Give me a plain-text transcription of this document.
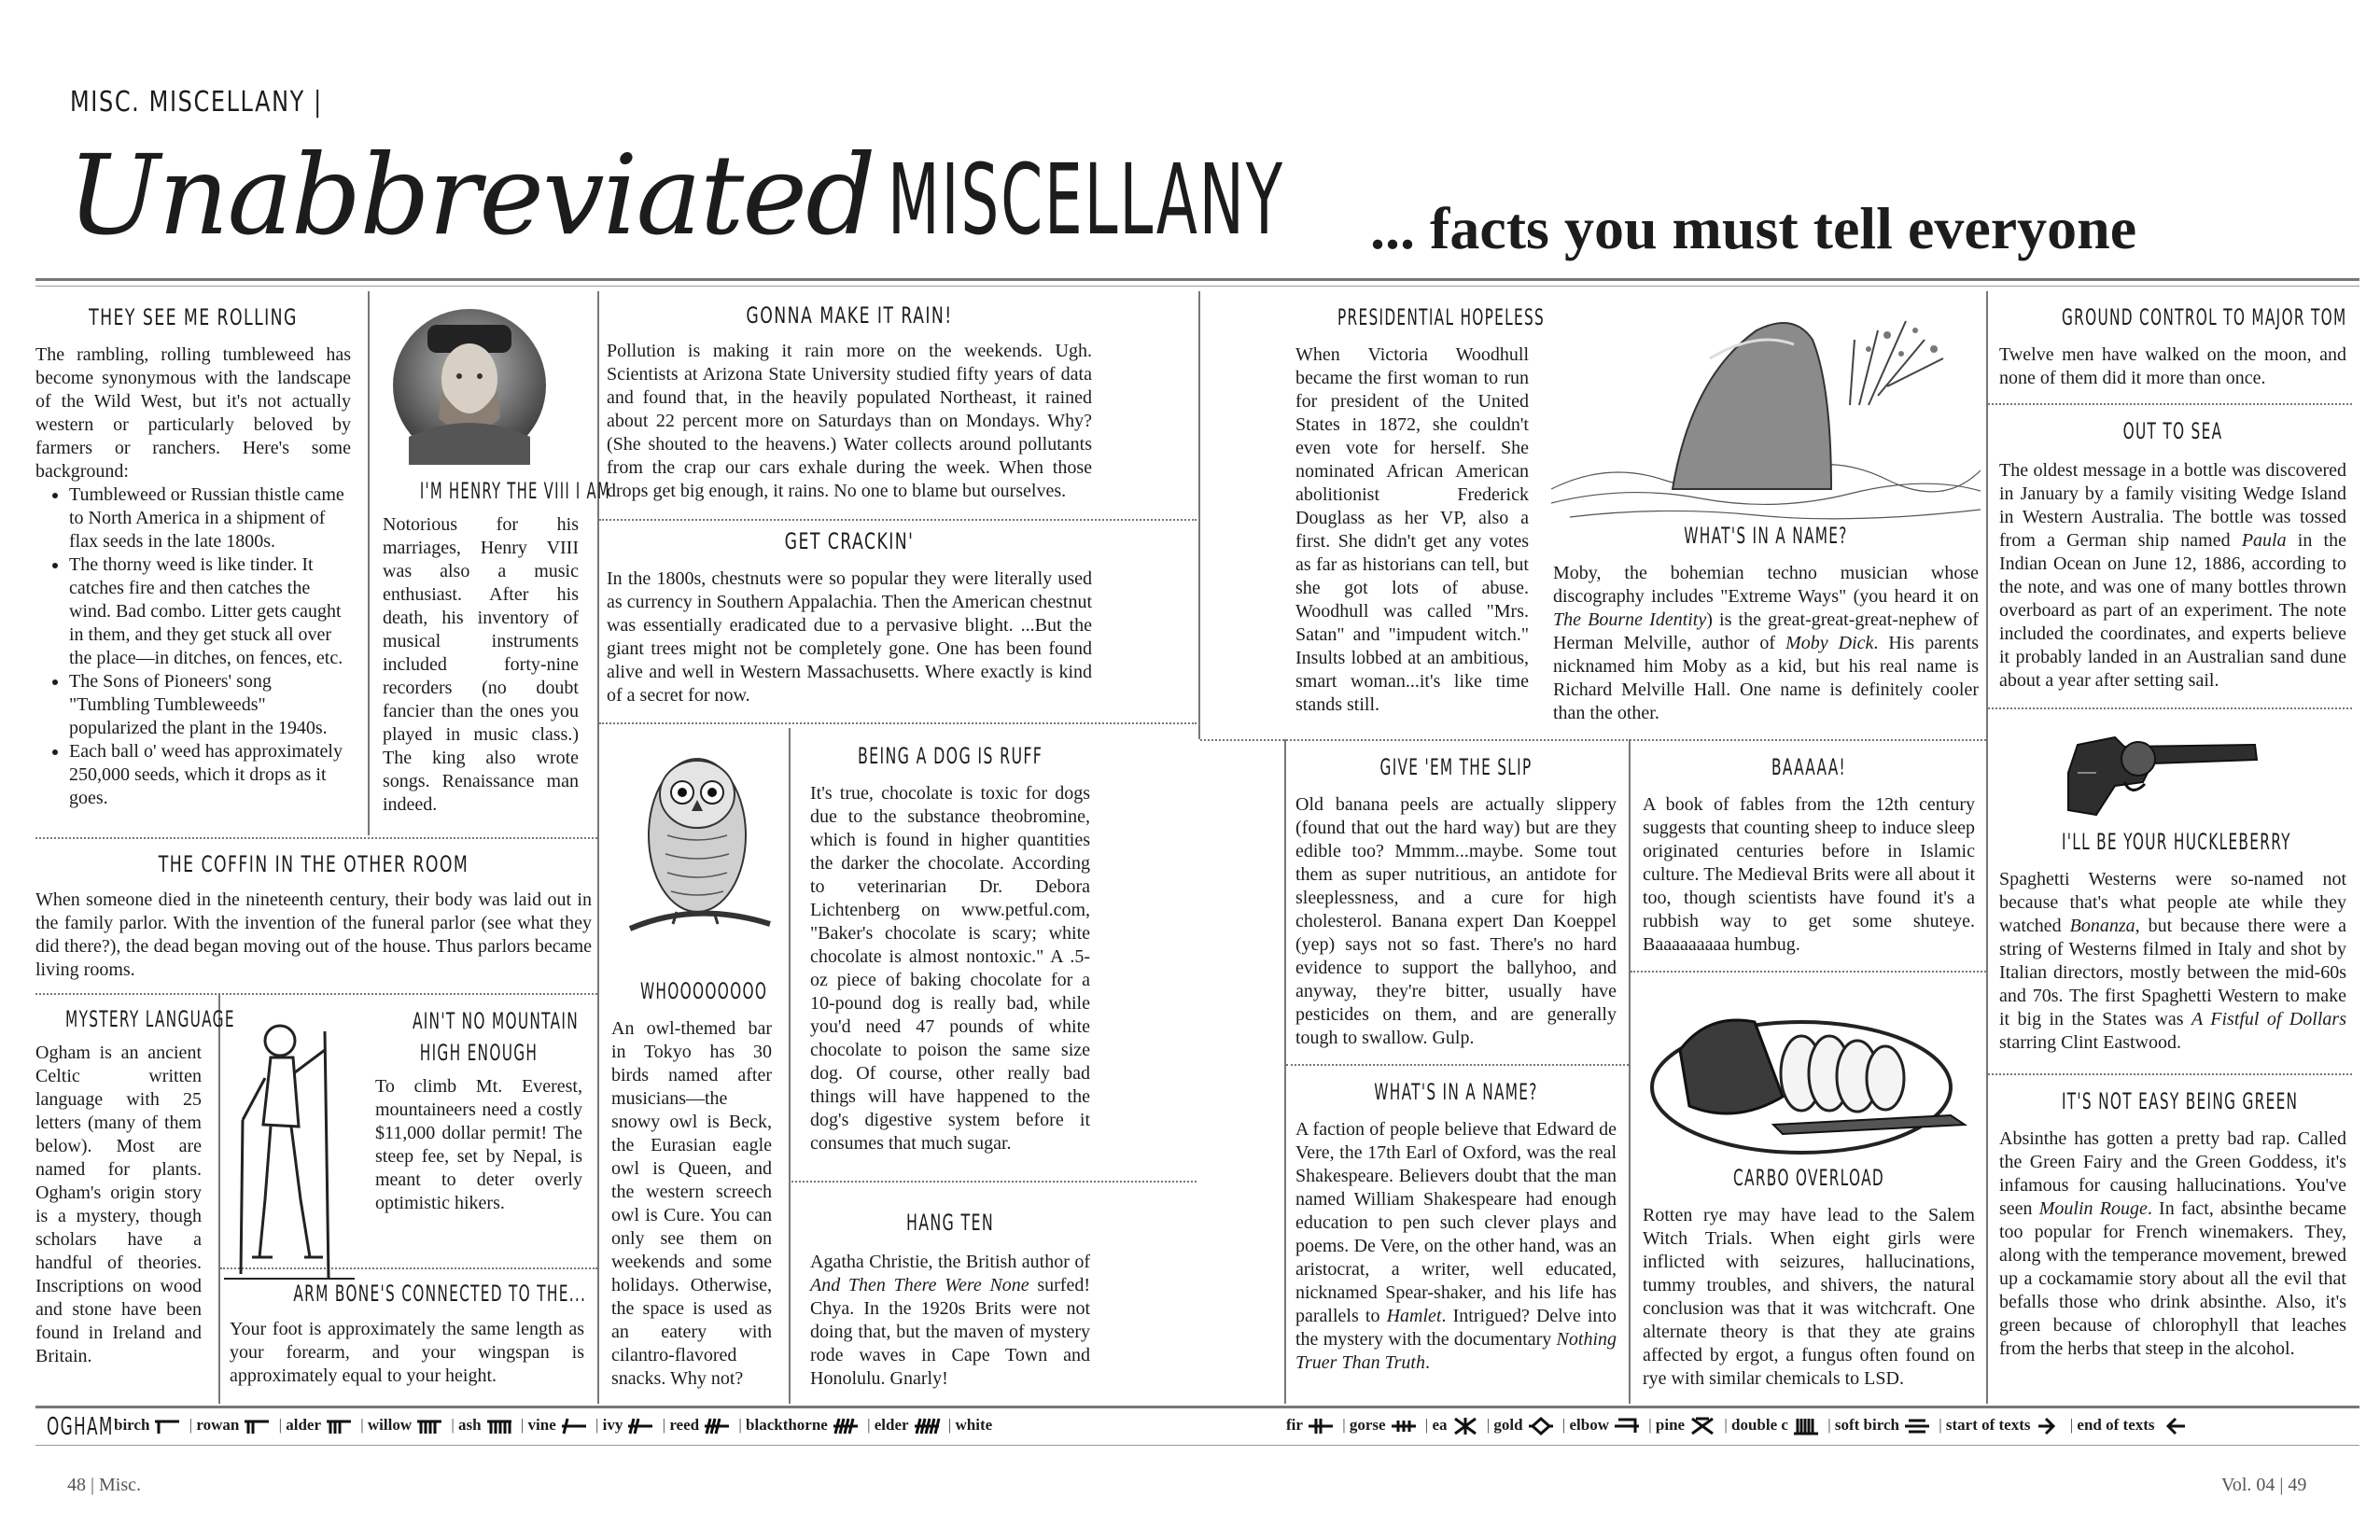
MISC. MISCELLANY |
Unabbreviated MISCELLANY	... facts you must tell everyone
THEY SEE ME ROLLING
The rambling, rolling tumbleweed has become synonymous with the landscape of the Wild West, but it's not actually western or particularly beloved by farmers or ranchers. Here's some background:
• Tumbleweed or Russian thistle came to North America in a shipment of flax seeds in the late 1800s.
• The thorny weed is like tinder. It catches fire and then catches the wind. Bad combo. Litter gets caught in them, and they get stuck all over the place—in ditches, on fences, etc.
• The Sons of Pioneers' song "Tumbling Tumbleweeds" popularized the plant in the 1940s.
• Each ball o' weed has approximately 250,000 seeds, which it drops as it goes.
I'M HENRY THE VIII I AM
Notorious for his marriages, Henry VIII was also a music enthusiast. After his death, his inventory of musical instruments included forty-nine recorders (no doubt fancier than the ones you played in music class.) The king also wrote songs. Renaissance man indeed.
THE COFFIN IN THE OTHER ROOM
When someone died in the nineteenth century, their body was laid out in the family parlor. With the invention of the funeral parlor (see what they did there?), the dead began moving out of the house. Thus parlors became living rooms.
MYSTERY LANGUAGE
Ogham is an ancient Celtic written language with 25 letters (many of them below). Most are named for plants. Ogham's origin story is a mystery, though scholars have a handful of theories. Inscriptions on wood and stone have been found in Ireland and Britain.
AIN'T NO MOUNTAIN
HIGH ENOUGH
To climb Mt. Everest, mountaineers need a costly $11,000 dollar permit! The steep fee, set by Nepal, is meant to deter overly optimistic hikers.
ARM BONE'S CONNECTED TO THE...
Your foot is approximately the same length as your forearm, and your wingspan is approximately equal to your height.
GONNA MAKE IT RAIN!
Pollution is making it rain more on the weekends. Ugh. Scientists at Arizona State University studied fifty years of data and found that, in the heavily populated Northeast, it rained about 22 percent more on Saturdays than on Mondays. Why? (She shouted to the heavens.) Water collects around pollutants from the crap our cars exhale during the week. When those drops get big enough, it rains. No one to blame but ourselves.
GET CRACKIN'
In the 1800s, chestnuts were so popular they were literally used as currency in Southern Appalachia. Then the American chestnut was essentially eradicated due to a pervasive blight. ...But the giant trees might not be completely gone. One has been found alive and well in Western Massachusetts. Where exactly is kind of a secret for now.
WHOOOOOOOO
An owl-themed bar in Tokyo has 30 birds named after musicians—the snowy owl is Beck, the Eurasian eagle owl is Queen, and the western screech owl is Cure. You can only see them on weekends and some holidays. Otherwise, the space is used as an eatery with cilantro-flavored snacks. Why not?
BEING A DOG IS RUFF
It's true, chocolate is toxic for dogs due to the substance theobromine, which is found in higher quantities the darker the chocolate. According to veterinarian Dr. Debora Lichtenberg on www.petful.com, "Baker's chocolate is scary; white chocolate is almost nontoxic." A .5-oz piece of baking chocolate for a 10-pound dog is really bad, while you'd need 47 pounds of white chocolate to poison the same size dog. Of course, other really bad things will have happened to the dog's digestive system before it consumes that much sugar.
HANG TEN
Agatha Christie, the British author of And Then There Were None surfed! Chya. In the 1920s Brits were not doing that, but the maven of mystery rode waves in Cape Town and Honolulu. Gnarly!
PRESIDENTIAL HOPELESS
When Victoria Woodhull became the first woman to run for president of the United States in 1872, she couldn't even vote for herself. She nominated African American abolitionist Frederick Douglass as her VP, also a first. She didn't get any votes as far as historians can tell, but she got lots of abuse. Woodhull was called "Mrs. Satan" and "impudent witch." Insults lobbed at an ambitious, smart woman...it's like time stands still.
WHAT'S IN A NAME?
Moby, the bohemian techno musician whose discography includes "Extreme Ways" (you heard it on The Bourne Identity) is the great-great-great-nephew of Herman Melville, author of Moby Dick. His parents nicknamed him Moby as a kid, but his real name is Richard Melville Hall. One name is definitely cooler than the other.
GIVE 'EM THE SLIP
Old banana peels are actually slippery (found that out the hard way) but are they edible too? Mmmm...maybe. Some tout them as super nutritious, an antidote for sleeplessness, and a cure for high cholesterol. Banana expert Dan Koeppel (yep) says not so fast. There's no hard evidence to support the ballyhoo, and anyway, they're bitter, usually have pesticides on them, and are generally tough to swallow. Gulp.
WHAT'S IN A NAME?
A faction of people believe that Edward de Vere, the 17th Earl of Oxford, was the real Shakespeare. Believers doubt that the man named William Shakespeare had enough education to pen such clever plays and poems. De Vere, on the other hand, was an aristocrat, a writer, well educated, nicknamed Spear-shaker, and his life has parallels to Hamlet. Intrigued? Delve into the mystery with the documentary Nothing Truer Than Truth.
BAAAAA!
A book of fables from the 12th century suggests that counting sheep to induce sleep originated centuries before in Islamic culture. The Medieval Brits were all about it too, though scientists have found it's a rubbish way to get some shuteye. Baaaaaaaaa humbug.
CARBO OVERLOAD
Rotten rye may have lead to the Salem Witch Trials. When eight girls were inflicted with seizures, hallucinations, tummy troubles, and shivers, the natural conclusion was that it was witchcraft. One alternate theory is that they ate grains affected by ergot, a fungus often found on rye with similar chemicals to LSD.
GROUND CONTROL TO MAJOR TOM
Twelve men have walked on the moon, and none of them did it more than once.
OUT TO SEA
The oldest message in a bottle was discovered in January by a family visiting Wedge Island in Western Australia. The bottle was tossed from a German ship named Paula in the Indian Ocean on June 12, 1886, according to the note, and was one of many bottles thrown overboard as part of an experiment. The note included the coordinates, and experts believe it probably landed in an Australian sand dune about a year after setting sail.
I'LL BE YOUR HUCKLEBERRY
Spaghetti Westerns were so-named not because that's what people ate while they watched Bonanza, but because there were a string of Westerns filmed in Italy and shot by Italian directors, mostly between the mid-60s and 70s. The first Spaghetti Western to make it big in the States was A Fistful of Dollars starring Clint Eastwood.
IT'S NOT EASY BEING GREEN
Absinthe has gotten a pretty bad rap. Called the Green Fairy and the Green Goddess, it's infamous for causing hallucinations. You've seen Moulin Rouge. In fact, absinthe became too popular for French winemakers. They, along with the temperance movement, brewed up a cockamamie story about all the evil that befalls those who drink absinthe. Also, it's green because of chlorophyll that leaches from the herbs that steep in the alcohol.
OGHAM birch | rowan | alder | willow | ash | vine | ivy | reed | blackthorne | elder | white	fir | gorse | ea | gold | elbow | pine | double c | soft birch | start of texts | end of texts
48 | Misc.	Vol. 04 | 49
